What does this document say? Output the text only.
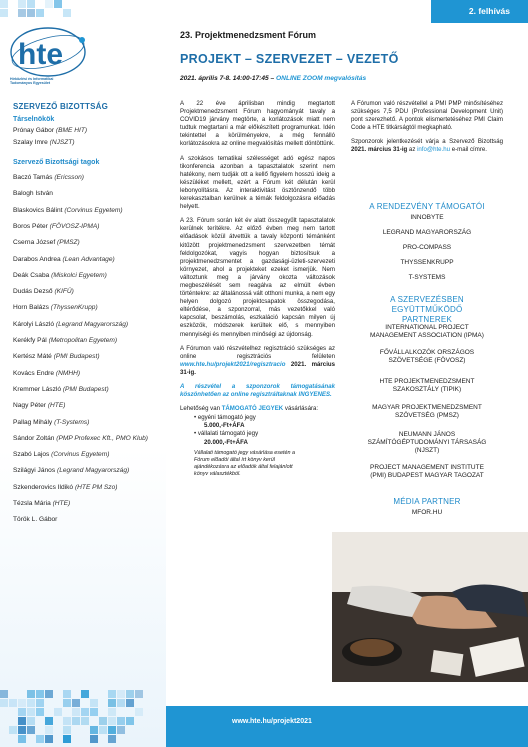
hte
Hírközlési és Informatikai Tudományos Egyesület
SZERVEZŐ BIZOTTSÁG
Társelnökök
Szervező Bizottsági tagok
2. felhívás
23. Projektmenedzsment Fórum
PROJEKT – SZERVEZET – VEZETŐ
2021. április 7-8. 14:00-17:45 – ONLINE ZOOM megvalósítás

A 22 éve áprilisban mindig megtartott Projektmenedzsment Fórum hagyományát tavaly a COVID19 járvány megtörte, a korlátozások miatt nem tudtuk megtartani a már előkészített programunkat. Idén tekintettel a körülményekre, a még fennálló korlátozásokra az online megvalósítás mellett döntöttünk.

A szokásos tematikai szélességet adó egész napos tikonferencia azonban a tapasztalatok szerint nem hatékony, nem tudják ott a kellő figyelem hosszú ideig a készüléket mellett, ezért a Fórum két délután kerül lebonyolításra. Az interaktivitást ösztönzendő több kerekasztalban kerülnek a témák feldolgozásra előadás helyett.

A 23. Fórum során két év alatt összegyűlt tapasztalatok kerülnek terítékre. Az előző évben meg nem tartott előadások közül átvettük a tavaly központi témánként kitűzött projektmenedzsment szervezetben témát feldolgozókat, vagyis hogyan biztosítsuk a projektmenedzsmentet a gazdasági-üzleti-szervezeti környezet, ahol a projekteket ezeket ismerjük. Nem változtunk meg a járvány okozta változások megbeszélését sem reagálva az elmúlt évben történtekre: az általánossá vált otthoni munka, a nem egy helyen dolgozó projektcsapatok összegodása, eltérődése, a szponzorral, más vezetőkkel való kapcsolat, beszámolás, eszkaláció kapcsán milyen új eszközök, módszerek kerültek elő, s mennyiben mennyiségi és mennyiben minőségi az újdonság.

A Fórumon való részvételhez regisztráció szükséges az online regisztrációs felületen www.hte.hu/projekt2021/regisztracio 2021. március 31-ig.

A részvétel a szponzorok támogatásának köszönhetően az online regisztráltaknak INGYENES.

Lehetőség van TÁMOGATÓ JEGYEK vásárlására:

• egyéni támogató jegy
5.000,-Ft+ÁFA
• vállalati támogató jegy
20.000,-Ft+ÁFA

Vállalati támogató jegy vásárlása esetén a Fórum előadói által írt könyv kerül ajándékozásra az előadók által felajánlott könyv választékból.

A Fórumon való részvétellel a PMI PMP minősítéséhez szükséges 7,5 PDU (Professional Development Unit) pont szerezhető. A pontok elismertetéséhez PMI Claim Code a HTE titkárságtól megkapható.

Szponzorok jelentkezését várja a Szervező Bizottság 2021. március 31-ig az info@hte.hu e-mail címre.

A RENDEZVÉNY TÁMOGATÓI
A SZERVEZÉSBEN EGYÜTTMŰKÖDŐ PARTNEREK
MÉDIA PARTNER
MFOR.HU
www.hte.hu/projekt2021
Prónay Gábor (BME HIT)
Szalay Imre (NJSZT)
Baczó Tamás (Ericsson)
Balogh István
Blaskovics Bálint (Corvinus Egyetem)
Boros Péter (FÖVOSZ-IPMA)
Cserna József (PMSZ)
Darabos Andrea (Lean Advantage)
Deák Csaba (Miskolci Egyetem)
Dudás Dezső (KIFÜ)
Horn Balázs (ThyssenKrupp)
Károlyi László (Legrand Magyarország)
Kerékfy Pál (Metropolitan Egyetem)
Kertész Máté (PMI Budapest)
Kovács Endre (NMHH)
Kremmer László (PMI Budapest)
Nagy Péter (HTE)
Pallag Mihály (T-Systems)
Sándor Zoltán (PMP Profexec Kft., PMO Klub)
Szabó Lajos (Corvinus Egyetem)
Szilágyi János (Legrand Magyarország)
Szkenderovics Ildikó (HTE PM Szo)
Tézsla Mária (HTE)
Török L. Gábor
INNOBYTE
LEGRAND MAGYARORSZÁG
PRO-COMPASS
THYSSENKRUPP
T-SYSTEMS
INTERNATIONAL PROJECT MANAGEMENT ASSOCIATION (IPMA)
FŐVÁLLALKOZÓK ORSZÁGOS SZÖVETSÉGE (FÖVOSZ)
HTE PROJEKTMENEDZSMENT SZAKOSZTÁLY (TIPIK)
MAGYAR PROJEKTMENEDZSMENT SZÖVETSÉG (PMSZ)
NEUMANN JÁNOS SZÁMÍTÓGÉPTUDOMÁNYI TÁRSASÁG (NJSZT)
PROJECT MANAGEMENT INSTITUTE (PMI) BUDAPEST MAGYAR TAGOZAT
